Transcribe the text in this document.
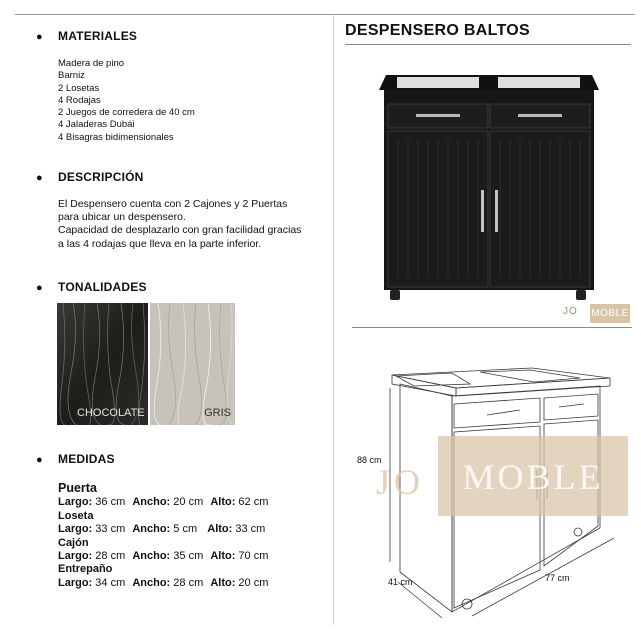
● MATERIALES
Madera de pino
Barniz
2 Losetas
4 Rodajas
2 Juegos de corredera de 40 cm
4 Jaladeras Dubái
4 Bisagras bidimensionales
● DESCRIPCIÓN
El Despensero cuenta con 2 Cajones y 2 Puertas
para ubicar un despensero.
Capacidad de desplazarlo con gran facilidad gracias
a las 4 rodajas que lleva en la parte inferior.
● TONALIDADES
CHOCOLATE	GRIS
● MEDIDAS
Puerta
Largo: 36 cm Ancho: 20 cm Alto: 62 cm
Loseta
Largo: 33 cm Ancho: 5 cm Alto: 33 cm
Cajón
Largo: 28 cm Ancho: 35 cm Alto: 70 cm
Entrepaño
Largo: 34 cm Ancho: 28 cm Alto: 20 cm
DESPENSERO BALTOS
JO MOBLE
88 cm
41 cm	77 cm
JO	MOBLE
